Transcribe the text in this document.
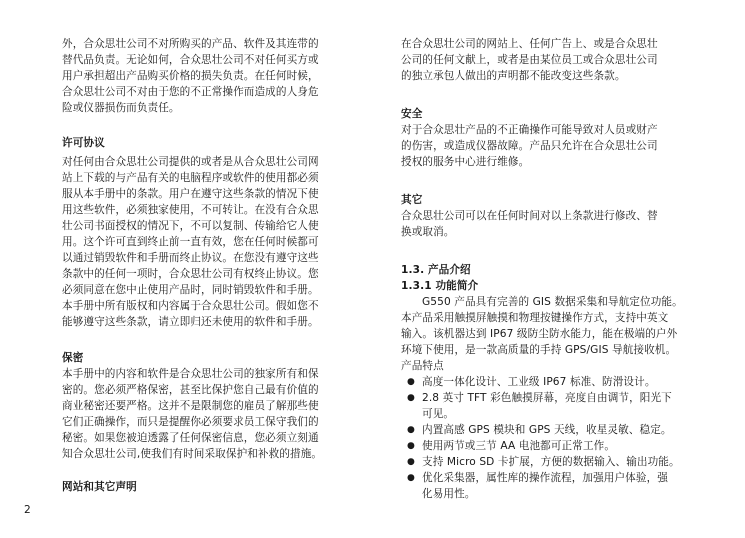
外，合众思壮公司不对所购买的产品、软件及其连带的

替代品负责。无论如何，合众思壮公司不对任何买方或

用户承担超出产品购买价格的损失负责。在任何时候，

合众思壮公司不对由于您的不正常操作而造成的人身危

险或仪器损伤而负责任。

许可协议

对任何由合众思壮公司提供的或者是从合众思壮公司网

站上下载的与产品有关的电脑程序或软件的使用都必须

服从本手册中的条款。用户在遵守这些条款的情况下使

用这些软件，必须独家使用，不可转让。在没有合众思

壮公司书面授权的情况下，不可以复制、传输给它人使

用。这个许可直到终止前一直有效，您在任何时候都可

以通过销毁软件和手册而终止协议。在您没有遵守这些

条款中的任何一项时，合众思壮公司有权终止协议。您

必须同意在您中止使用产品时，同时销毁软件和手册。

本手册中所有版权和内容属于合众思壮公司。假如您不

能够遵守这些条款，请立即归还未使用的软件和手册。

保密

本手册中的内容和软件是合众思壮公司的独家所有和保

密的。您必须严格保密，甚至比保护您自己最有价值的

商业秘密还要严格。这并不是限制您的雇员了解那些使

它们正确操作，而只是提醒你必须要求员工保守我们的

秘密。如果您被迫透露了任何保密信息，您必须立刻通

知合众思壮公司,使我们有时间采取保护和补救的措施。

网站和其它声明

在合众思壮公司的网站上、任何广告上、或是合众思壮

公司的任何文献上，或者是由某位员工或合众思壮公司

的独立承包人做出的声明都不能改变这些条款。

安全

对于合众思壮产品的不正确操作可能导致对人员或财产

的伤害，或造成仪器故障。产品只允许在合众思壮公司

授权的服务中心进行维修。

其它

合众思壮公司可以在任何时间对以上条款进行修改、替

换或取消。

1.3. 产品介绍

1.3.1 功能简介

G550 产品具有完善的 GIS 数据采集和导航定位功能。

本产品采用触摸屏触摸和物理按键操作方式，支持中英文

输入。该机器达到 IP67 级防尘防水能力，能在极端的户外

环境下使用，是一款高质量的手持 GPS/GIS 导航接收机。

产品特点

● 高度一体化设计、工业级 IP67 标准、防滑设计。
● 2.8 英寸 TFT 彩色触摸屏幕，亮度自由调节，阳光下
可见。
● 内置高感 GPS 模块和 GPS 天线，收星灵敏、稳定。
● 使用两节或三节 AA 电池都可正常工作。
● 支持 Micro SD 卡扩展，方便的数据输入、输出功能。
● 优化采集器，属性库的操作流程，加强用户体验，强
化易用性。
2
